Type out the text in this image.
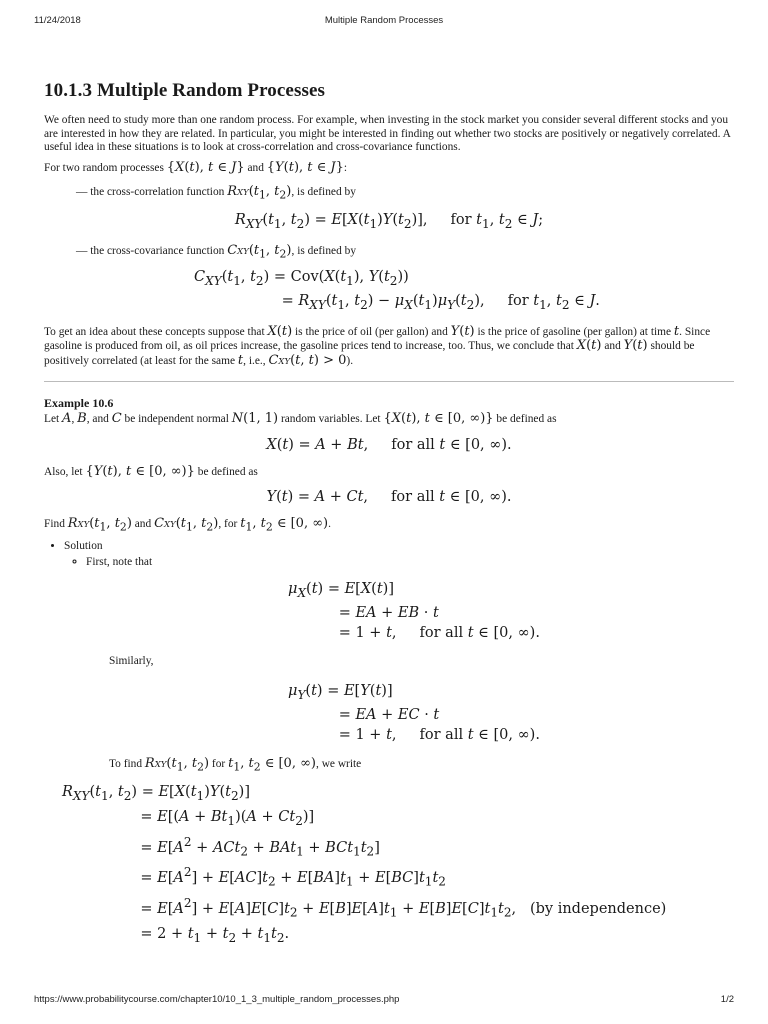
11/24/2018	Multiple Random Processes
10.1.3 Multiple Random Processes

We often need to study more than one random process. For example, when investing in the stock market you consider several different stocks and you are interested in how they are related. In particular, you might be interested in finding out whether two stocks are positively or negatively correlated. A useful idea in these situations is to look at cross-correlation and cross-covariance functions.

For two random processes {X(t), t ∈ J} and {Y(t), t ∈ J}:

— the cross-correlation function $RXY(t_1$, $t_2$), is defined by

$R_{XY}(t_1$, $t_2) = E[X(t_1)Y(t_2)]$,     for $t_1$, $t_2$ ∈ J;

— the cross-covariance function $CXY(t_1$, $t_2$), is defined by

$C_{XY}(t_1$, $t_2) = Cov(X(t_1)$, $Y(t_2)$)
= $R_{XY}(t_1$, $t_2) - \mu_X(t_1)\mu_Y(t_2)$,     for $t_1$, $t_2$ ∈ J.

To get an idea about these concepts suppose that X(t) is the price of oil (per gallon) and Y(t) is the price of gasoline (per gallon) at time t. Since gasoline is produced from oil, as oil prices increase, the gasoline prices tend to increase, too. Thus, we conclude that X(t) and Y(t) should be positively correlated (at least for the same t, i.e., CXY(t, t) > 0).

Example 10.6

Let A, B, and C be independent normal N(1, 1) random variables. Let {X(t), t ∈ [0, ∞)} be defined as

X(t) = A + Bt,     for all t ∈ [0, ∞).

Also, let {Y(t), t ∈ [0, ∞)} be defined as

Y(t) = A + Ct,     for all t ∈ [0, ∞).

Find $RXY(t_1$, $t_2$) and $CXY(t_1$, $t_2$), for $t_1$, $t_2$ ∈ [0, ∞).

• Solution
◦ First, note that
$\mu_X(t) = E[X(t)]$
= EA + EB · t
= 1 + t,     for all t ∈ [0, ∞).

Similarly,

$\mu_Y(t) = E[Y(t)]$
= EA + EC · t
= 1 + t,     for all t ∈ [0, ∞).

To find $RXY(t_1$, $t_2$) for $t_1$, $t_2$ ∈ [0, ∞), we write

$R_{XY}(t_1$, $t_2) = E[X(t_1)Y(t_2)]$
= $E[(A + Bt_1)(A + Ct_2)]$
= $E[A^2 + ACt_2 + BAt_1 + BCt_1t_2]$
= $E[A^2] + E[AC]t_2 + E[BA]t_1 + E[BC]t_1t_2$
= $E[A^2] + E[A]E[C]t_2 + E[B]E[A]t_1 + E[B]E[C]t_1t_2$,   (by independence)
= $2 + t_1 + t_2 + t_1t_2$.
https://www.probabilitycourse.com/chapter10/10_1_3_multiple_random_processes.php	1/2
